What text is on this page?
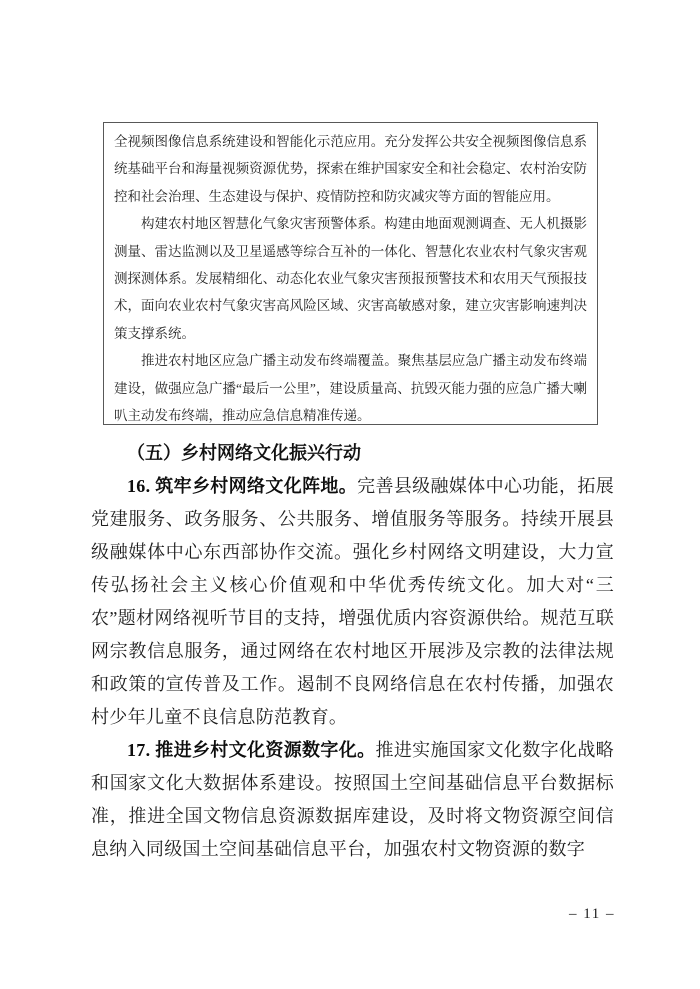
全视频图像信息系统建设和智能化示范应用。充分发挥公共安全视频图像信息系统基础平台和海量视频资源优势，探索在维护国家安全和社会稳定、农村治安防控和社会治理、生态建设与保护、疫情防控和防灾减灾等方面的智能应用。

构建农村地区智慧化气象灾害预警体系。构建由地面观测调查、无人机摄影测量、雷达监测以及卫星遥感等综合互补的一体化、智慧化农业农村气象灾害观测探测体系。发展精细化、动态化农业气象灾害预报预警技术和农用天气预报技术，面向农业农村气象灾害高风险区域、灾害高敏感对象，建立灾害影响速判决策支撑系统。

推进农村地区应急广播主动发布终端覆盖。聚焦基层应急广播主动发布终端建设，做强应急广播“最后一公里”，建设质量高、抗毁灭能力强的应急广播大喇叭主动发布终端，推动应急信息精准传递。

（五）乡村网络文化振兴行动

16. 筑牢乡村网络文化阵地。完善县级融媒体中心功能，拓展党建服务、政务服务、公共服务、增值服务等服务。持续开展县级融媒体中心东西部协作交流。强化乡村网络文明建设，大力宣传弘扬社会主义核心价值观和中华优秀传统文化。加大对“三农”题材网络视听节目的支持，增强优质内容资源供给。规范互联网宗教信息服务，通过网络在农村地区开展涉及宗教的法律法规和政策的宣传普及工作。遏制不良网络信息在农村传播，加强农村少年儿童不良信息防范教育。

17. 推进乡村文化资源数字化。推进实施国家文化数字化战略和国家文化大数据体系建设。按照国土空间基础信息平台数据标准，推进全国文物信息资源数据库建设，及时将文物资源空间信息纳入同级国土空间基础信息平台，加强农村文物资源的数字

– 11 –
